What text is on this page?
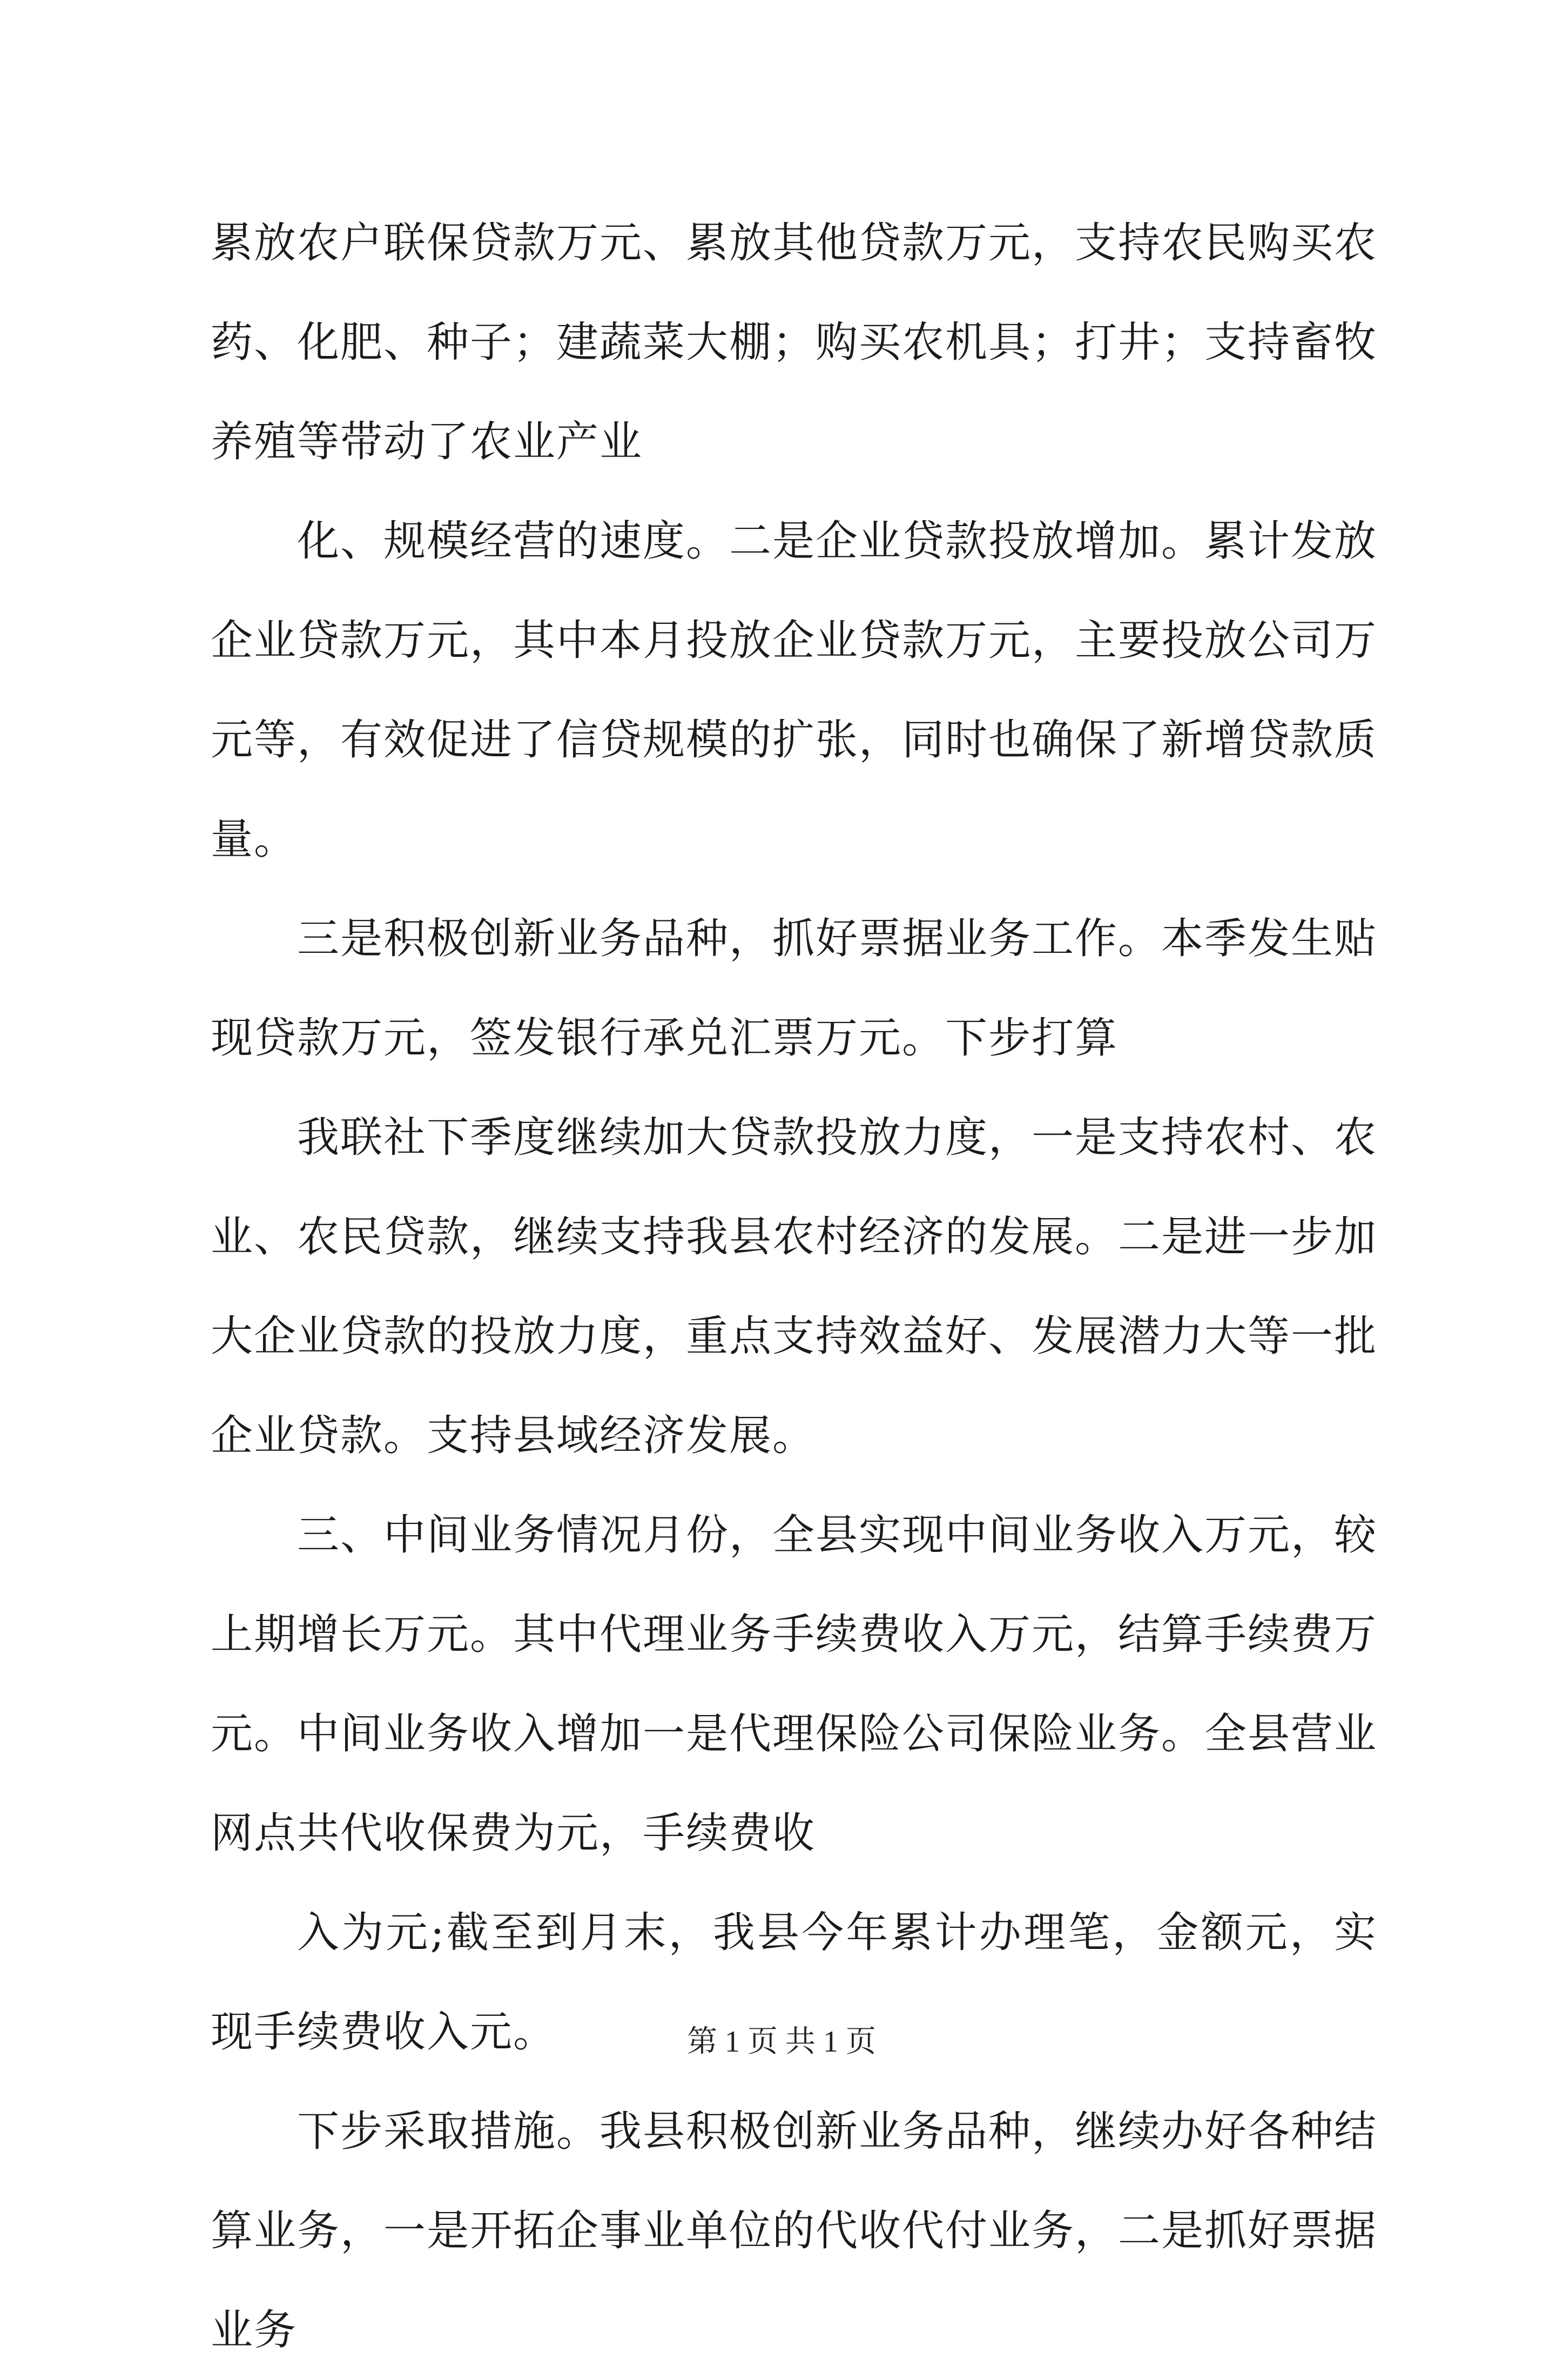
累放农户联保贷款万元、累放其他贷款万元，支持农民购买农药、化肥、种子；建蔬菜大棚；购买农机具；打井；支持畜牧养殖等带动了农业产业

化、规模经营的速度。二是企业贷款投放增加。累计发放企业贷款万元，其中本月投放企业贷款万元，主要投放公司万元等，有效促进了信贷规模的扩张，同时也确保了新增贷款质量。

三是积极创新业务品种，抓好票据业务工作。本季发生贴现贷款万元，签发银行承兑汇票万元。下步打算

我联社下季度继续加大贷款投放力度，一是支持农村、农业、农民贷款，继续支持我县农村经济的发展。二是进一步加大企业贷款的投放力度，重点支持效益好、发展潜力大等一批企业贷款。支持县域经济发展。

三、中间业务情况月份，全县实现中间业务收入万元，较上期增长万元。其中代理业务手续费收入万元，结算手续费万元。中间业务收入增加一是代理保险公司保险业务。全县营业网点共代收保费为元，手续费收

入为元;截至到月末，我县今年累计办理笔，金额元，实现手续费收入元。

下步采取措施。我县积极创新业务品种，继续办好各种结算业务，一是开拓企事业单位的代收代付业务，二是抓好票据业务

第 1 页 共 1 页
